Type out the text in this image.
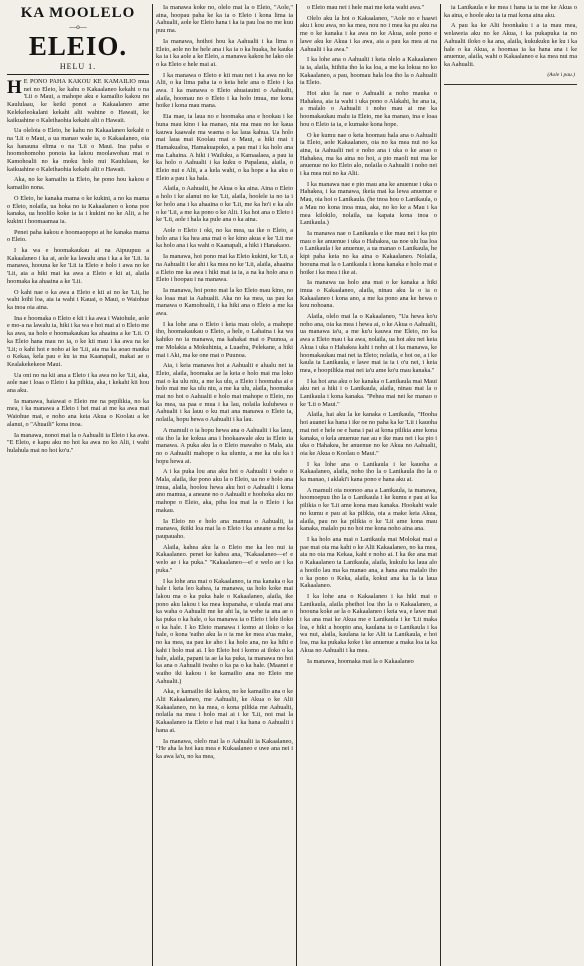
KA MOOLELO
—o—
ELEIO.
HELU 1.

H E PONO PAHA KAKOU KE KAMAILIO mua nei no Eleio, ke kahu o Kakaalaneo kekahi o na 'Lii o Maui, a mahope aku e kamailio kakou no Kaululaau, ke keiki ponoi a Kakaalaneo ame Kelekeleokalani kekahi alii wahine o Hawaii, ke kaikuahine o Kaleihaohia kekahi alii o Hawaii.

Ua oleloia o Eleio, he kahu no Kakaalaneo kekahi o na 'Lii o Maui, a ua manao wale ia, o Kakaalaneo, oia ka hanauna elima o na 'Lii o Maui. Ina paha e hoomohomoho ponoia ka lakou moolawohau mai o Kamohoalii no ka moku holo nui Kaululaau, ke kaikuahine o Kaleihaohia kekahi alii o Hawaii.

Aka, no ke kamailio ia Eleio, he pono hou kakou e kamailio nona.

O Eleio, he kanaka mama o ke kukini, a no ka mama o Eleio, nolaila, ua hoka no ia Kakaalaneo o kona poe kanaka, ua hoolilo koke ia ia i kukini no ke Alii, a he kukini i hoomaamaa ia.

Penei paha kakou e hoomaopopo ai he kanaka mama o Eleio.

I ka wa e hoomakaukau ai na Aipuupuu a Kakaalaneo i ka ai, aole ka lawalu ana i ka a ke 'Lii. Ia manawa, hoouna ke ke 'Lii ia Eleio e holo i awa no ke 'Lii, aia a hiki mai ka awa a Eleio e kii ai, alaila hoomaka ka ahaaina a ke 'Lii.

O kahi nae o ka awa a Eleio e kii ai no ke 'Lii, he wahi loihi loa, aia ia wahi i Kauai, o Maui, o Waiohue ka inoa oia aina.

Ina e hoomaka o Eleio e kii i ka awa i Waiohule, aole e mo-a na lawalu ia, hiki i ka wa e hoi mai ai o Eleio me ka awa, ua holo e hoomakaukau ka ahaaina a ke 'Lii. O ka Eleio hana mau no ia, o ke kii mau i ka awa na ke 'Lii; o kahi hoi e noho ai ke 'Lii, aia ma ka aoao mauka o Kekaa, kela pau e ku ia ma Kaanapali, makai ae o Kealakekekeoe Maui.

Ua oni no na kii ana a Eleio i ka awa no ke 'Lii, aka, aole nae i loaa o Eleio i ka pilikia, aka, i kekahi kii hou ana aku.

Ia manawa, haiawai o Eleio me na pepilikia, no ka mea, i ka manawa a Eleio i hei mai ai me ka awa mai Waiohue mai, e noho ana keia Akua o Koolau a ke alanui, o "Ahuaili" kona inoa.

Ia manawa, nonoi mai la o Aahualii ia Eleio i ka awa. "E Eleio, e kapu aku no hoi ka awa no ko Alii, i wahi hulahula mai no hoi ko'u."

Ia manawa koke no, olelo mai la o Eleio, "Aole," aina, hoopau paha ke ka ia o Eleio i kona lima ia Aahualii, aole ke Eleio hana i ka ia pau loa no me kuu puu ma.

Ia manawa, hoihoi hou ka Aahualii i ka lima o Eleio, aole no he hele ana i ka ia o ka huaka, he kauka ka ia i ka aole a ke Eleio, a manawa kakou he lako ole o ka Eleio e hele mai ai.

I ka manawa o Eleio e kii mau nei i ka awa no ke Alii, o ka lima paha ia o keia hele ana o Eleio i ka awa. I ka manawa o Eleio ahuaiauini o Aahualii, alaila, hoomau no o Eleio i ka holo imua, me kona hoike i kona mau mana.

Eia mae, ia laua no e hoomaka ana e hookau i ke huna mau kino i ka manao, nia ma mau no ke kaua kauwa kaawale ma waena o ka laua kahua. Ua holo mai laua mai Koolau mai o Maui, a hiki mai i Hamakualoa, Hamakuapoko, a pau mai i ka holo ana ma Lahaina. A hiki i Wailuku, a Kamaalaea, a pau ia ka holo o Aahualii i ka kuku o Papalaua, alaila, o Eleio nui e Alii, a a kela wahi, o ka hope a ka aku o Eleio a pau i ka hala.

Alaila, o Aahualii, he Akua o ka aina. Aina o Eleio a holo i ke alanui no ke 'Lii, alaila, hoolele ia no ia i ke holo ana i ka ahaaina o ke 'Lii, me ka ho'i e ka alo o ke 'Lii, a me ka pono o ke Alii. I ka hoi ana o Eleio i ke 'Lii, aole i hala ka pule ana o ka aina.

Aole o Eleio i oki, no ka mea, ua ike o Eleio, a holo ana i ka hea ana mai o ke kino akua e ke 'Lii me ka holo ana i ka wahi o Kaanapali, a hiki i Hanakaoo.

Ia manawa, hoi pono mai ka Eleio kukini, ke 'Lii, a na Aahualii i ke ahi i ka mea no ke 'Lii, alaila, ahaaina a Eleio me ka awa i hiki mai ia ia, a na ka holo ana o Eleio i hoopau i na manawa.

Ia manawa, hoi pono mai la ko Eleio mau kino, no ka loaa mai ia Aahualii. Aka no ka mea, ua pau ka manawa o Kamohoalii, i ka hiki ana o Eleio a me ka awa.

I ka lohe ana o Eleio i keia mau olelo, a mahope iho, hoomakaukau o Eleio, a hele, o Lahaina i ka wa kahiko no ia manawa, ma kahakai mai o Puunoa, a me Molakia a Mokuhinia, a Luaehu, Pelekane, a hiki mai i Aki, ma ke one mai o Puunoa.

Aia, i keia manawa hoi a Aahualii e alualu nei ia Eleio, alaila, hoomaka ae la keia e holo mai ma loko mai o ka ulu niu, a me ka ulu, a Eleio i hoomaha ai e holo mai me ka ulu niu, a me ka ulu, alaila, hoomaka mai no hoi o Aahualii e holo mai mahope o Eleio, no ka mea, ua paa e mua i ka lau, nolaila kuluhewa o Aahualii i ka lauu o ku mai ana manawa o Eleio ia, nolaila, hopu hewa o Aahualii i ka lau.

A mamuli o ia hopu hewa ana o Aahualii i ka lauu, oia iho la ke kokua ana i hookaawale aku ia Eleio ia manawa. A puka aku la o Eleio mawaho o Mala, aia no o Aahualii mahope o ka uluniu, a me ka ulu ka i hopu hewa ai.

A i ka puka lou ana aku hoi o Aahualii i waho o Mala, alaila, ike pono aku la o Eleio, ua no e holo ana imua, alaila, hoolou hewa aku hoi o Aahualii i kona ano mamua, a aneane no o Aahualii e hoohoka aku no mahope o Eleio, aka, piha loa mai la o Eleio i ka makau.

Ia Eleio no e holo ana mamua o Aahualii, ia manawa, ikiiki loa mai la o Eleio i ka aneane a me ka paupauaho.

Alaila, kahea aku la o Eleio me ka leo nui ia Kakaalaneo. penei ke kahea ana, "Kakaalaneo—e! e welo ae i ka puka." "Kakaalaneo—e! e welo ae i ka puka."

I ka lohe ana mai o Kakaalaneo, ia ma kanaka o ka hale i keia leo kahea, ia manawa, ua holo koke mai lakou ma o ka puka hale o Kakaalaneo, alaila, ike pono aku lakou i ka mea kupanaha, e ulaula mai ana ka waha o Aahualii me ke ahi la, ia wehe ia ana ae o ka puka o ka hale, o ka manawa ia o Eleio i lele iloko o ka hale. I ko Eleio manawa i komo ai iloko o ka hale, o kona 'eaiho aku la o ia me ke mea a'ua make, no ka mea, ua pau ke aho i ka holo ana, no ka hihi e kahi i holo mai ai. I ko Eleio hoi i komo ai iloko o ka hale, alaila, papani ia ae la ka puka, ia manawa no hoi ka ana o Aahualii iwaho o ka pa o ka hale. (Maanei e waiho iki kakou i ke kamailio ana no Eleio me Aahualii.)

Aka, e kamailio iki kakou, no ke kamailio ana o ke Alii Kakaalaneo, me Aahualii, ke Akua o ke Alii Kakaalaneo, no ka mea, o kona pilikia me Aahualii, nolaila na mea i holo mai ai i ke 'Lii, noi mai la Kakaalaneo ia Eleio e hai mai i ka hana o Aahualii i hana ai.

Ia manawa, olelo mai la o Aahualii ia Kakaalaneo, "He aha la hoi kau mea e Kukaalaneo e uwe ana nei i ka awa la'u, no ka mea,

o Eleio mau nei i hele mai me keia wahi awa."

Olelo aku la hoi o Kakaalaneo, "Aole no e haawi aku i kou awa, no ka mea, nou no i mea ka pu aku na me o ke kanaka i ka awa no ke Akua, aole pono e lawe aku ke Akua i ka awa, aia a pau ka mea ai na Aahualii i ka awa."

I ka lohe ana o Aahualii i keia olelo a Kakaalaneo ia ia, alaila, hiihiia iho la ka loa, a me ka lokua no ko Kakaalaneo, a pau, hoomau hala loa iho la o Aahualii ia Eleio.

Hoi aku la nae o Aahualii a noho mauka o Hahakea, aia ia wahi i uka pono o Alakahi, he ana ia, a malalo o Aahualii i noho mau ai me ka hoomakaukau malu ia Eleio, me ka manao, ina e loaa hou o Eleio ia ia, e kumake kona hope.

O ke kumu nae o keia hoomau hala ana o Aahualii ia Eleio, aole Kakaalaneo, oia no ka mea nui no ka aina, ia Aahualii nei e noho ana i uka o ke aoao o Hahakea, ma ka aina no hoi, a pio maoli nui ma ke anuenue no ko Eleio alo, nolaila o Aahualii i noho nei i ka mea nui no ka Alii.

I ka manawa nae e pio mau ana ke anuenue i uka o Hahakea, i ka manawa, ikeia mai ka lewa anuenue e Mau, oia hoi o Lanikaula. (he inoa hou o Lanikaula, o a Mau no kona inoa mua, aka, no ko ke a Mau i ka mea kilokilo, nolaila, ua kapaia kona inoa o Lanikaula.)

Ia manawa nae o Lanikaula e ike mau nei i ka pio mau o ke anuenue i uka o Hahakea, ua noe ulu lua loa o Lanikaula i ke anuenue, a ua manao o Lanikaula, he kipi paha keia no ka aina o Kakaalaneo. Nolaila, hoouna mai la o Lanikaula i kona kanaka e holo mai e hoike i ka mea i ike ai.

Ia manawa ua holo ana mai o ke kanaka a hiki imua o Kakaalaneo, alaila, ninau aku la o ia o Kakaalaneo i kona ano, a me ka pono ana ke hewa o kou nohoana.

Alaila, olelo mai la o Kakaalaneo, "Ua hewa ko'u noho ana, oia ka mea i hewa ai, o ke Akua o Aahualii, ua manawa ia'u, a me ku'u kauwa me Eleio, no ka awa a Eleio mau i ka awa, nolaila, ua hoi aku nei keia Akua i uka o Hahakea kahi i noho ai i ka manawa, ke hoomakaukau mai nei ia Eleio; nolaila, e hoi oe, a i ke kaula ia Lanikaula, e lawe mai ia ia i o'u nei, i keia mea, e hoopilikia mai nei ia'u ame ko'u mau kanaka."

I ka hoi ana aku o ke kanaka o Lanikaula mai Maui aku nei a hiki i o Lanikaula, alaila, ninau mai la o Lanikaula i kona kanaka. "Pehea mai nei ke manao o ke 'Lii o Maui."

Alaila, hai aku la ke kanaka o Lanikaula, "Hooha hoi auanei ka hana i ike oe no paha ka ke 'Lii i kauoha mai nei e hele oe e hana i pai ai kona pilikia ame kona kanaka, o kela anuenue nae au e ike mau nei i ka pio i uka o Hahakea, he anuenue no ke Akua no Aahualii, oia ke Akua o Koolau o Maui."

I ka lohe ana o Lanikaula i ke kauoha a Kakaalaneo, alaila, noho iho la o Lanikaula iho la o ka manao, i aklaki'i kana pono e hana aku ai.

A mamuli oia noonoo ana a Lanikaula, ia manawa, hoomoepuu iho la o Lanikaula i ke kumu e pau ai ka pilikia o ke 'Lii ame kona mau kanaka. Hookahi wale no kumu e pau ai ka pilikia, oia a make keia Akua, alaila, pau no ka pilikia o ke 'Lii ame kona mau kanaka, malalo pu no hoi me kona noho aina ana.

I ka holo ana mai o Lanikaula mai Molokai mai a pae mai oia ma kahi o ke Alii Kakaalaneo, no ka mea, aia no oia ma Kekaa, kahi e noho ai. I ka ike ana mai o Kakaalaneo ia Lanikaula, alaila, kukulu ka laua alo a hooilo lau ma ka manao ana, a hana ana malalo iho o ka pono o Keka, alaila, kokui ana ka la ia laua Kakaalaneo.

I ka lohe ana o Kakaalaneo i ka hiki mai o Lanikaula, alaila pheihoi loa iho la o Kakaalaneo, a hoouna koke ae la o Kakaalaneo i keia wa, e lawe mai i ka ana mai ke Akua me e Lanikaula i ke 'Lii maka loa, e hiki a hoopio ana, kaulana ia o Lanikaula i ka wa nui, alaila, kaulana ia ke Alii ia Lanikaula, e hoi loa, ma ka pukaka koke i ke anuenue a maka loa ia ka Akua no Aahualii i ka mea.

Ia manawa, hoomaka mai la o Kakaalaneo

ia Lanikaula e ke mea i hana ia ia me ke Akua o ka aina, e hoole aku ia ia mai kona aina aku.

A pau ka ke Alii hoonkaku i a ia mau mea, welaweia aku no ke Akua, i ka pukapuka ia no Aahualii iloko o ka ana, alaila, kukukuku ke ku i ka hale o ka Akua, a hoomaa ia ka hana ana i ke anuenue, alaila, wahi o Kakaalaneo e ka mea nui ma ka Aahualii.

(Aole i pau.)
